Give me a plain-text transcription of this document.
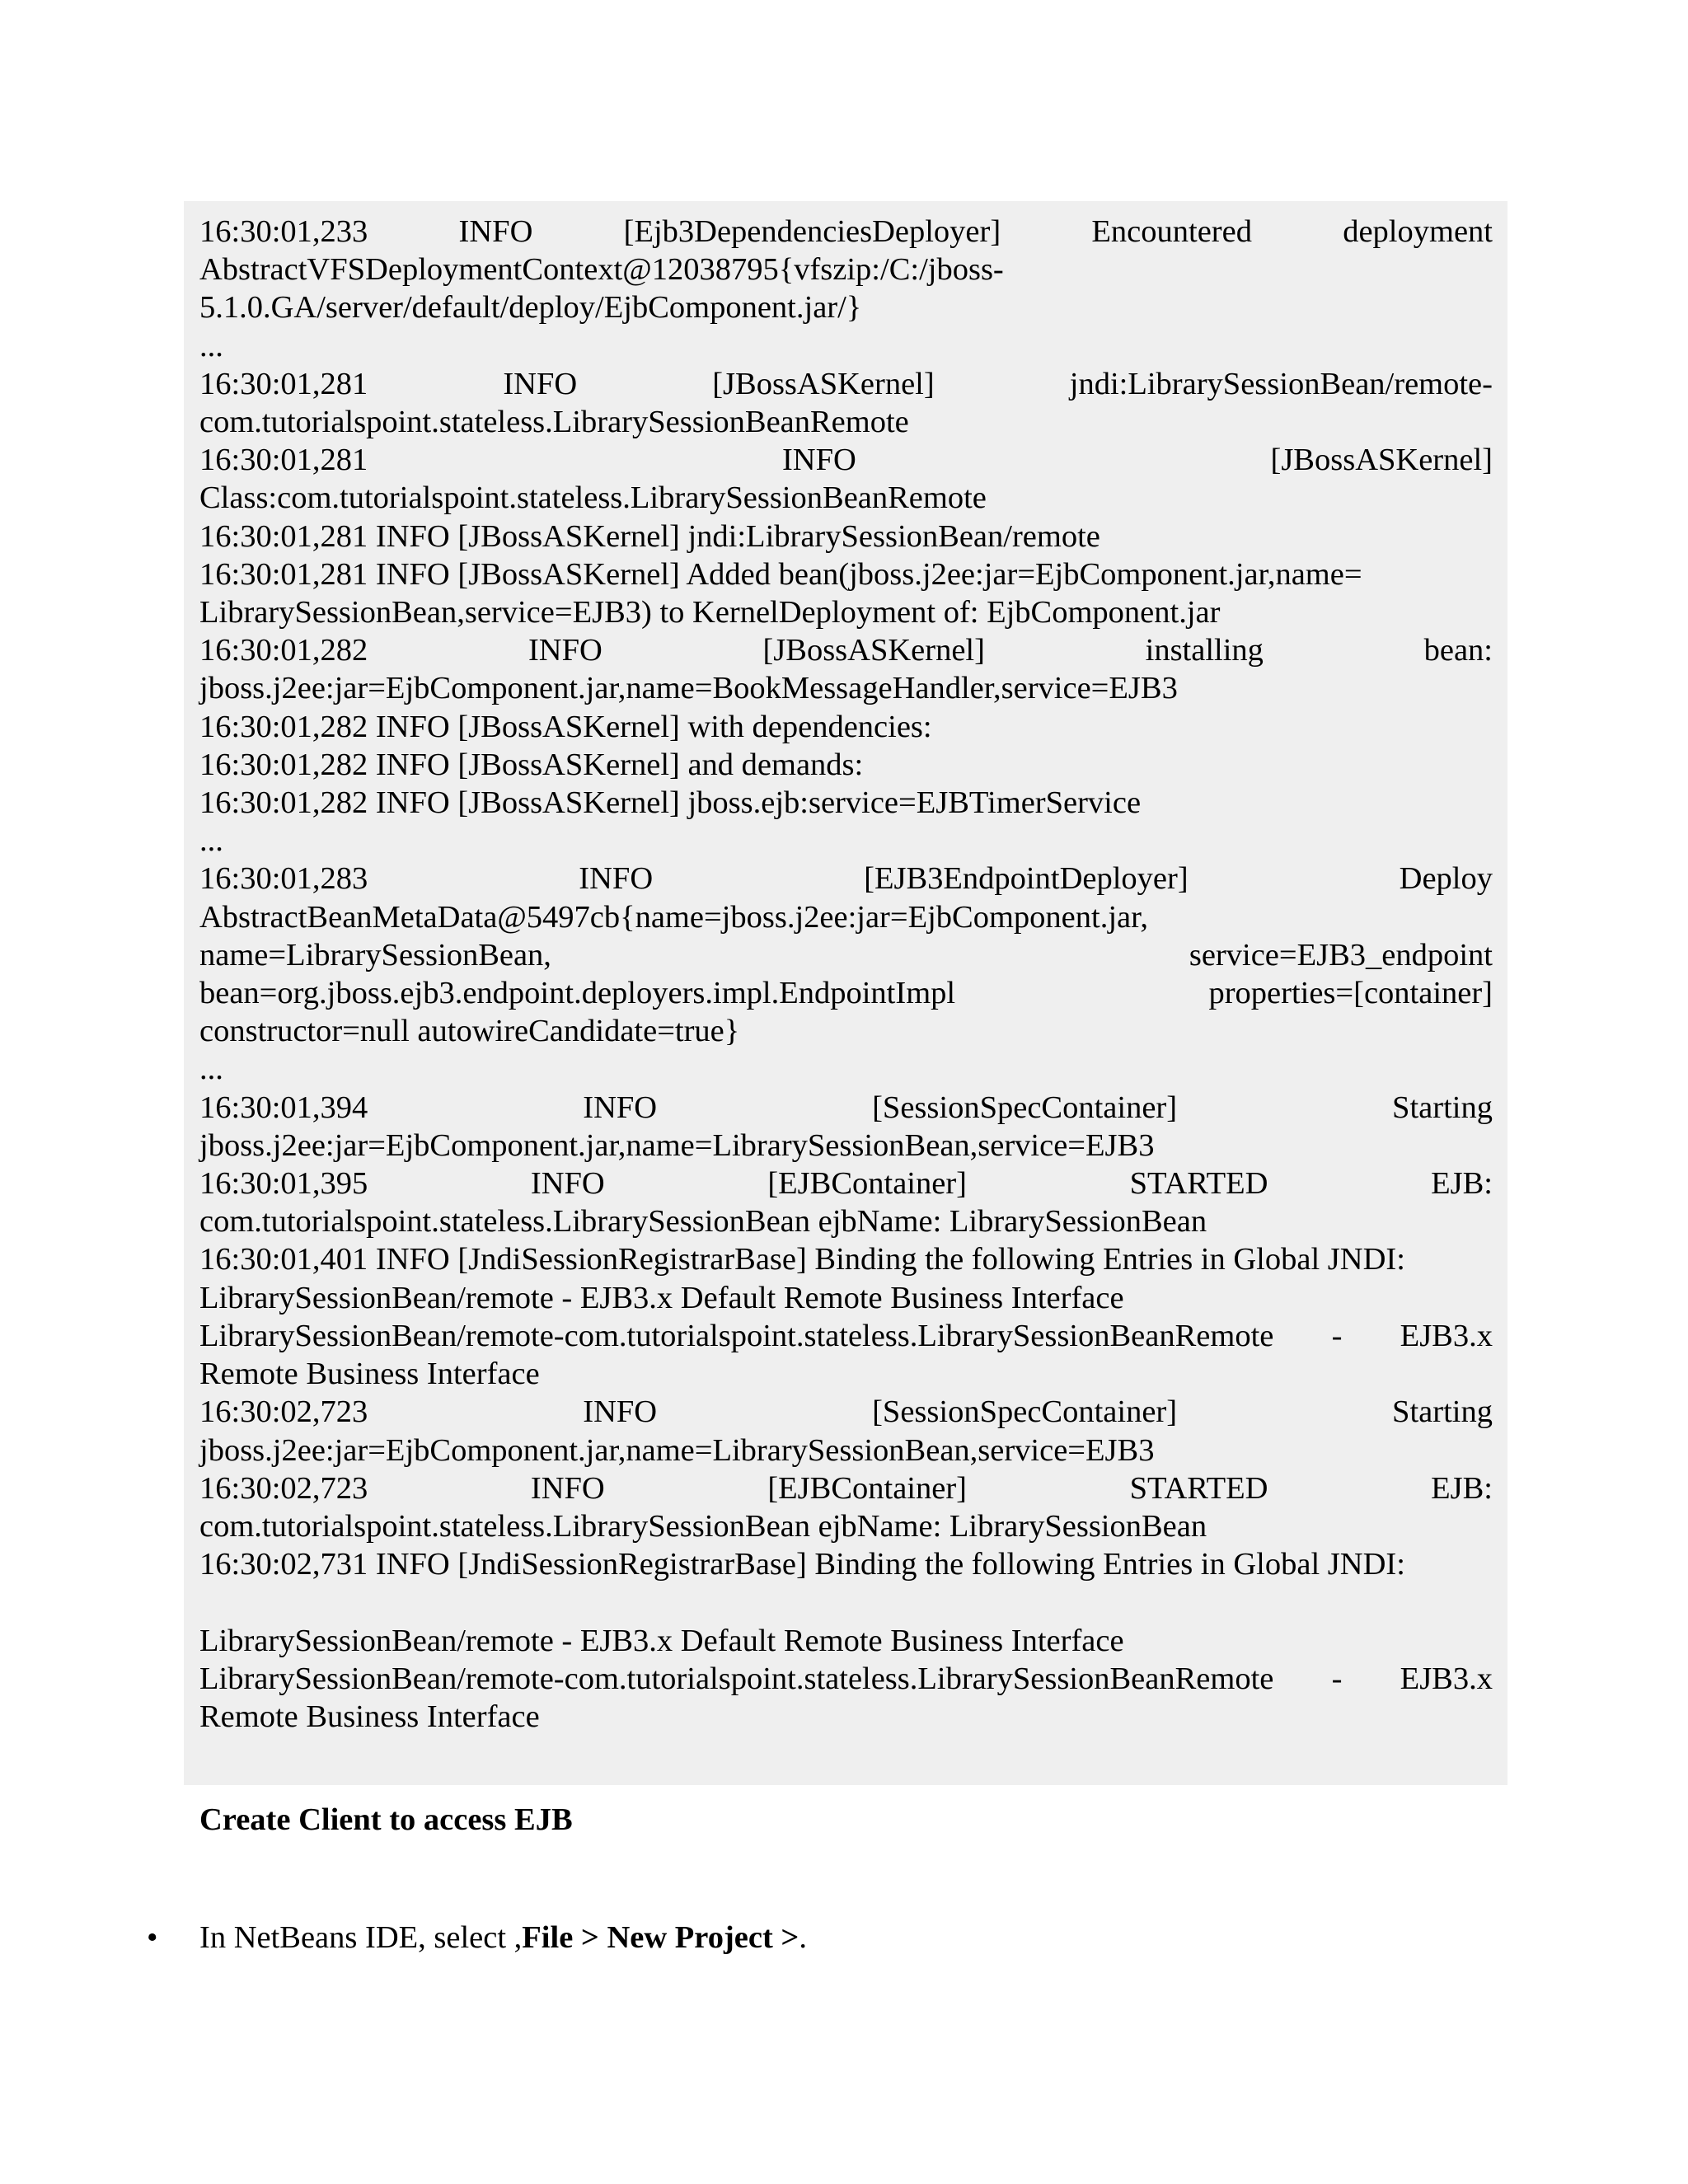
16:30:01,233	INFO	[Ejb3DependenciesDeployer]	Encountered	deployment
AbstractVFSDeploymentContext@12038795{vfszip:/C:/jboss-
5.1.0.GA/server/default/deploy/EjbComponent.jar/}
...
16:30:01,281	INFO	[JBossASKernel]	jndi:LibrarySessionBean/remote-
com.tutorialspoint.stateless.LibrarySessionBeanRemote
16:30:01,281	INFO	[JBossASKernel]
Class:com.tutorialspoint.stateless.LibrarySessionBeanRemote
16:30:01,281 INFO [JBossASKernel] jndi:LibrarySessionBean/remote
16:30:01,281 INFO [JBossASKernel] Added bean(jboss.j2ee:jar=EjbComponent.jar,name=
LibrarySessionBean,service=EJB3) to KernelDeployment of: EjbComponent.jar
16:30:01,282	INFO	[JBossASKernel]	installing	bean:
jboss.j2ee:jar=EjbComponent.jar,name=BookMessageHandler,service=EJB3
16:30:01,282 INFO [JBossASKernel] with dependencies:
16:30:01,282 INFO [JBossASKernel] and demands:
16:30:01,282 INFO [JBossASKernel] jboss.ejb:service=EJBTimerService
...
16:30:01,283	INFO	[EJB3EndpointDeployer]	Deploy
AbstractBeanMetaData@5497cb{name=jboss.j2ee:jar=EjbComponent.jar,
name=LibrarySessionBean,	service=EJB3_endpoint
bean=org.jboss.ejb3.endpoint.deployers.impl.EndpointImpl	properties=[container]
constructor=null autowireCandidate=true}
...
16:30:01,394	INFO	[SessionSpecContainer]	Starting
jboss.j2ee:jar=EjbComponent.jar,name=LibrarySessionBean,service=EJB3
16:30:01,395	INFO	[EJBContainer]	STARTED	EJB:
com.tutorialspoint.stateless.LibrarySessionBean ejbName: LibrarySessionBean
16:30:01,401 INFO [JndiSessionRegistrarBase] Binding the following Entries in Global JNDI:
LibrarySessionBean/remote - EJB3.x Default Remote Business Interface
LibrarySessionBean/remote-com.tutorialspoint.stateless.LibrarySessionBeanRemote - EJB3.x
Remote Business Interface
16:30:02,723	INFO	[SessionSpecContainer]	Starting
jboss.j2ee:jar=EjbComponent.jar,name=LibrarySessionBean,service=EJB3
16:30:02,723	INFO	[EJBContainer]	STARTED	EJB:
com.tutorialspoint.stateless.LibrarySessionBean ejbName: LibrarySessionBean
16:30:02,731 INFO [JndiSessionRegistrarBase] Binding the following Entries in Global JNDI:
LibrarySessionBean/remote - EJB3.x Default Remote Business Interface
LibrarySessionBean/remote-com.tutorialspoint.stateless.LibrarySessionBeanRemote - EJB3.x
Remote Business Interface
Create Client to access EJB
• In NetBeans IDE, select ,File > New Project >.
